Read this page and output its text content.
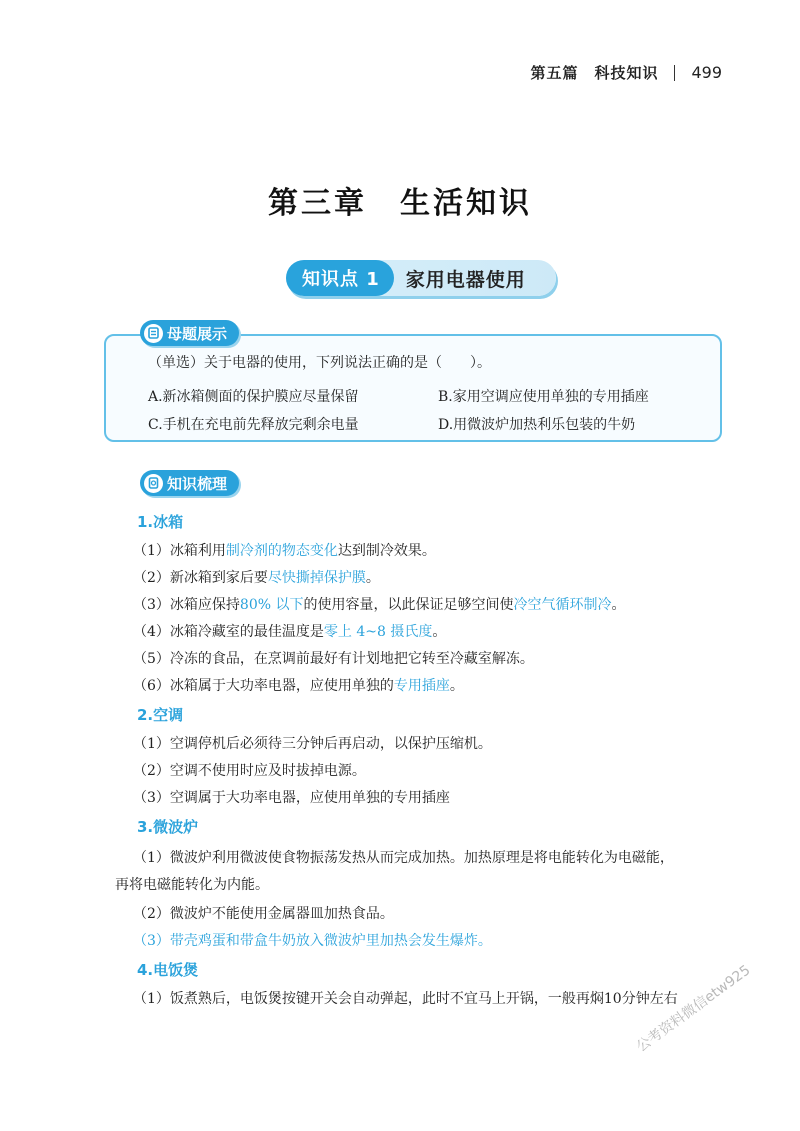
第五篇　科技知识 499
第三章　生活知识
知识点 1	家用电器使用
母题展示
（单选）关于电器的使用，下列说法正确的是（　　）。
A.新冰箱侧面的保护膜应尽量保留	B.家用空调应使用单独的专用插座
C.手机在充电前先释放完剩余电量	D.用微波炉加热利乐包装的牛奶
知识梳理
1.冰箱
（1）冰箱利用制冷剂的物态变化达到制冷效果。
（2）新冰箱到家后要尽快撕掉保护膜。
（3）冰箱应保持80% 以下的使用容量，以此保证足够空间使冷空气循环制冷。
（4）冰箱冷藏室的最佳温度是零上 4~8 摄氏度。
（5）冷冻的食品，在烹调前最好有计划地把它转至冷藏室解冻。
（6）冰箱属于大功率电器，应使用单独的专用插座。
2.空调
（1）空调停机后必须待三分钟后再启动，以保护压缩机。
（2）空调不使用时应及时拔掉电源。
（3）空调属于大功率电器，应使用单独的专用插座
3.微波炉
（1）微波炉利用微波使食物振荡发热从而完成加热。加热原理是将电能转化为电磁能，
再将电磁能转化为内能。
（2）微波炉不能使用金属器皿加热食品。
（3）带壳鸡蛋和带盒牛奶放入微波炉里加热会发生爆炸。
4.电饭煲
（1）饭煮熟后，电饭煲按键开关会自动弹起，此时不宜马上开锅，一般再焖10分钟左右
公考资料微信etw925
